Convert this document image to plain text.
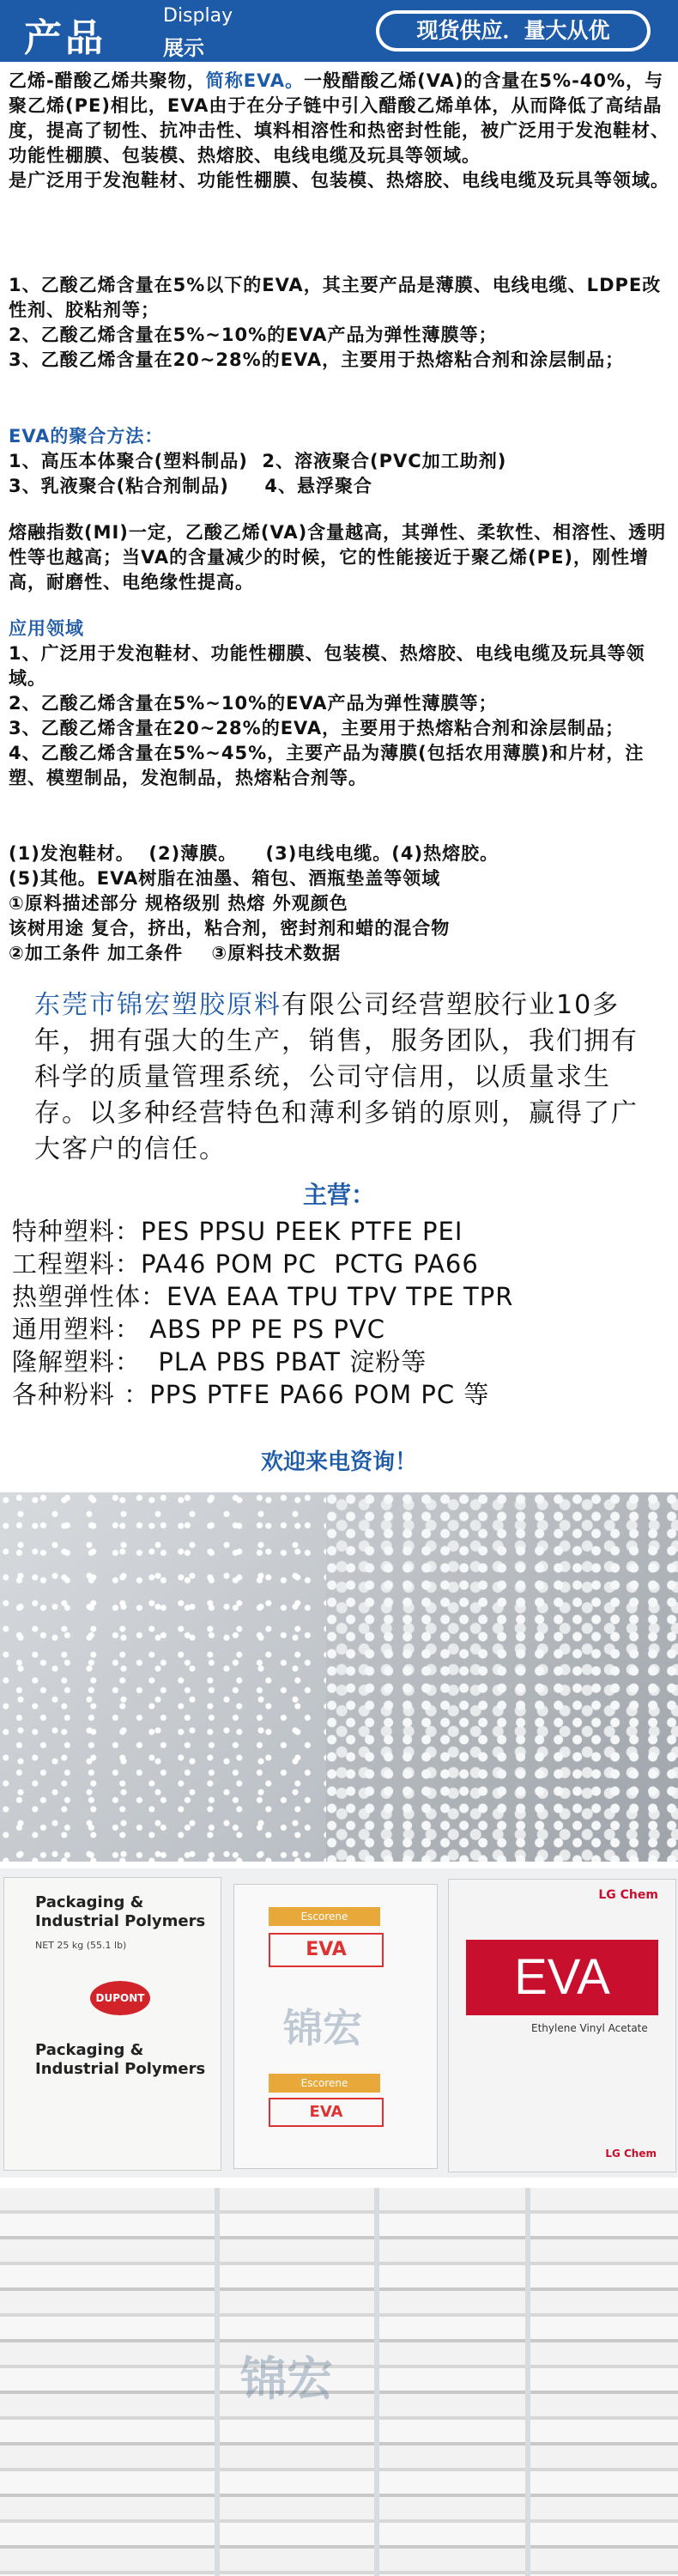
产品
Display
展示
现货供应．量大从优

乙烯-醋酸乙烯共聚物，简称EVA。一般醋酸乙烯(VA)的含量在5%-40%，与聚乙烯(PE)相比，EVA由于在分子链中引入醋酸乙烯单体，从而降低了高结晶度，提高了韧性、抗冲击性、填料相溶性和热密封性能，被广泛用于发泡鞋材、功能性棚膜、包装模、热熔胶、电线电缆及玩具等领域。

是广泛用于发泡鞋材、功能性棚膜、包装模、热熔胶、电线电缆及玩具等领域。

1、乙酸乙烯含量在5%以下的EVA，其主要产品是薄膜、电线电缆、LDPE改性剂、胶粘剂等；

2、乙酸乙烯含量在5%~10%的EVA产品为弹性薄膜等；

3、乙酸乙烯含量在20~28%的EVA，主要用于热熔粘合剂和涂层制品；

EVA的聚合方法：

1、高压本体聚合(塑料制品)  2、溶液聚合(PVC加工助剂)

3、乳液聚合(粘合剂制品)     4、悬浮聚合

熔融指数(MI)一定，乙酸乙烯(VA)含量越高，其弹性、柔软性、相溶性、透明性等也越高；当VA的含量减少的时候，它的性能接近于聚乙烯(PE)，刚性增高，耐磨性、电绝缘性提高。

应用领域

1、广泛用于发泡鞋材、功能性棚膜、包装模、热熔胶、电线电缆及玩具等领域。

2、乙酸乙烯含量在5%~10%的EVA产品为弹性薄膜等；

3、乙酸乙烯含量在20~28%的EVA，主要用于热熔粘合剂和涂层制品；

4、乙酸乙烯含量在5%~45%，主要产品为薄膜(包括农用薄膜)和片材，注塑、模塑制品，发泡制品，热熔粘合剂等。

(1)发泡鞋材。  (2)薄膜。    (3)电线电缆。(4)热熔胶。

(5)其他。EVA树脂在油墨、箱包、酒瓶垫盖等领域

①原料描述部分 规格级别 热熔 外观颜色

该树用途 复合，挤出，粘合剂，密封剂和蜡的混合物

②加工条件 加工条件    ③原料技术数据

东莞市锦宏塑胶原料有限公司经营塑胶行业10多年，拥有强大的生产，销售，服务团队，我们拥有科学的质量管理系统，公司守信用，以质量求生存。以多种经营特色和薄利多销的原则，赢得了广大客户的信任。
主营：

特种塑料：PES PPSU PEEK PTFE PEI

工程塑料：PA46 POM PC  PCTG PA66

热塑弹性体：EVA EAA TPU TPV TPE TPR

通用塑料： ABS PP PE PS PVC

隆解塑料：  PLA PBS PBAT 淀粉等

各种粉料 ：PPS PTFE PA66 POM PC 等

欢迎来电资询！
Packaging &
Industrial Polymers
NET 25 kg (55.1 lb)
DUPONT
Packaging &
Industrial Polymers
Escorene
EVA
Escorene
EVA
LG Chem
EVA
Ethylene Vinyl Acetate
LG Chem
锦宏
锦宏
